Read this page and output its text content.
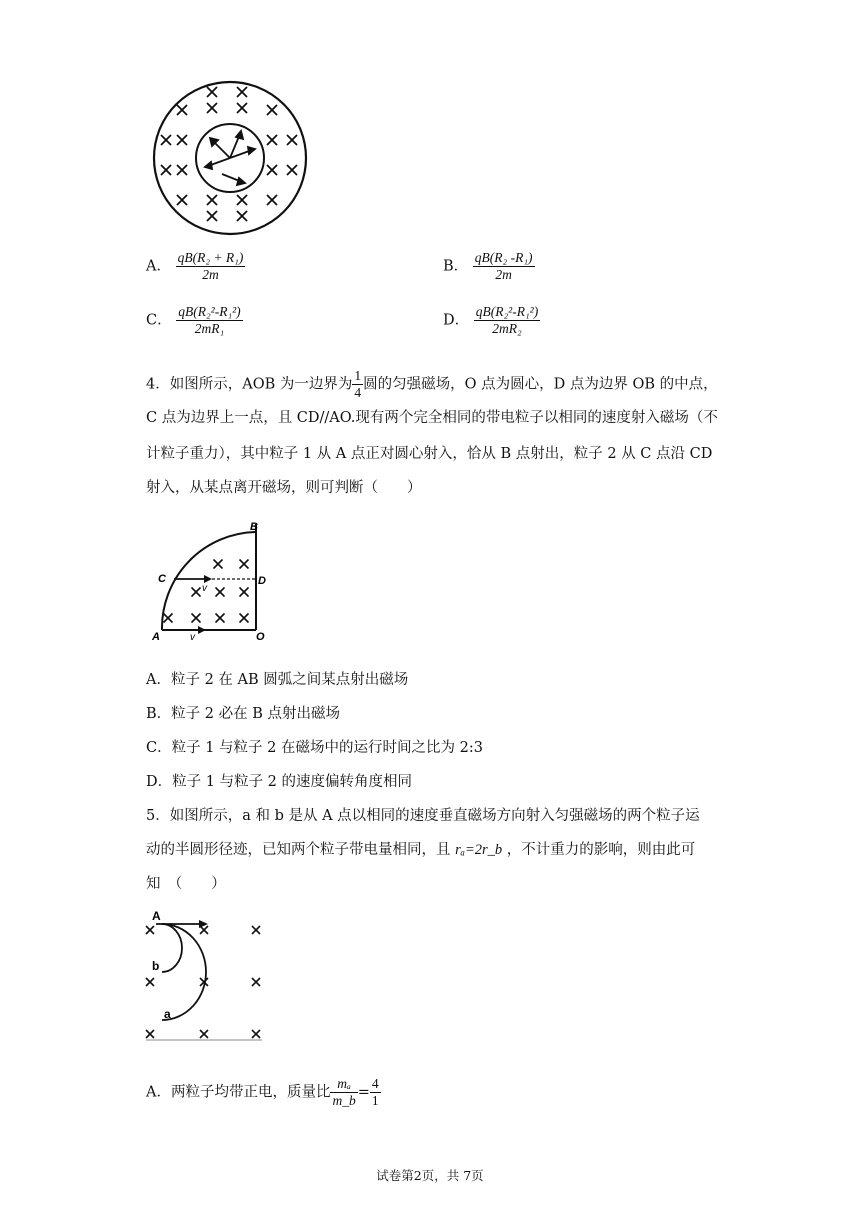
A． $\frac{\text{qB(R₂ + R₁)}}{2m}$	B． $\frac{\text{qB(R₂ -R₁)}}{2m}$
C． $\frac{\text{qB(R₂²-R₁²)}}{\text{2mR₁}}$	D． $\frac{\text{qB(R₂²-R₁²)}}{\text{2mR₂}}$
4．如图所示，AOB 为一边界为 $\frac{1}{4}$ 圆的匀强磁场，O 点为圆心，D 点为边界 OB 的中点，
C 点为边界上一点，且 CD//AO.现有两个完全相同的带电粒子以相同的速度射入磁场（不
计粒子重力），其中粒子 1 从 A 点正对圆心射入，恰从 B 点射出，粒子 2 从 C 点沿 CD
射入，从某点离开磁场，则可判断（　　）
B
C	D
A	O
v
v
A．粒子 2 在 AB 圆弧之间某点射出磁场
B．粒子 2 必在 B 点射出磁场
C．粒子 1 与粒子 2 在磁场中的运行时间之比为 2:3
D．粒子 1 与粒子 2 的速度偏转角度相同
5．如图所示，a 和 b 是从 A 点以相同的速度垂直磁场方向射入匀强磁场的两个粒子运
动的半圆形径迹，已知两个粒子带电量相同，且 rₐ=2r_b ，不计重力的影响，则由此可
知　（　　）
A
b
a
A．两粒子均带正电，质量比 $\frac{\text{mₐ}}{m\_b} = \frac{4}{1}$
试卷第2页，共 7页
